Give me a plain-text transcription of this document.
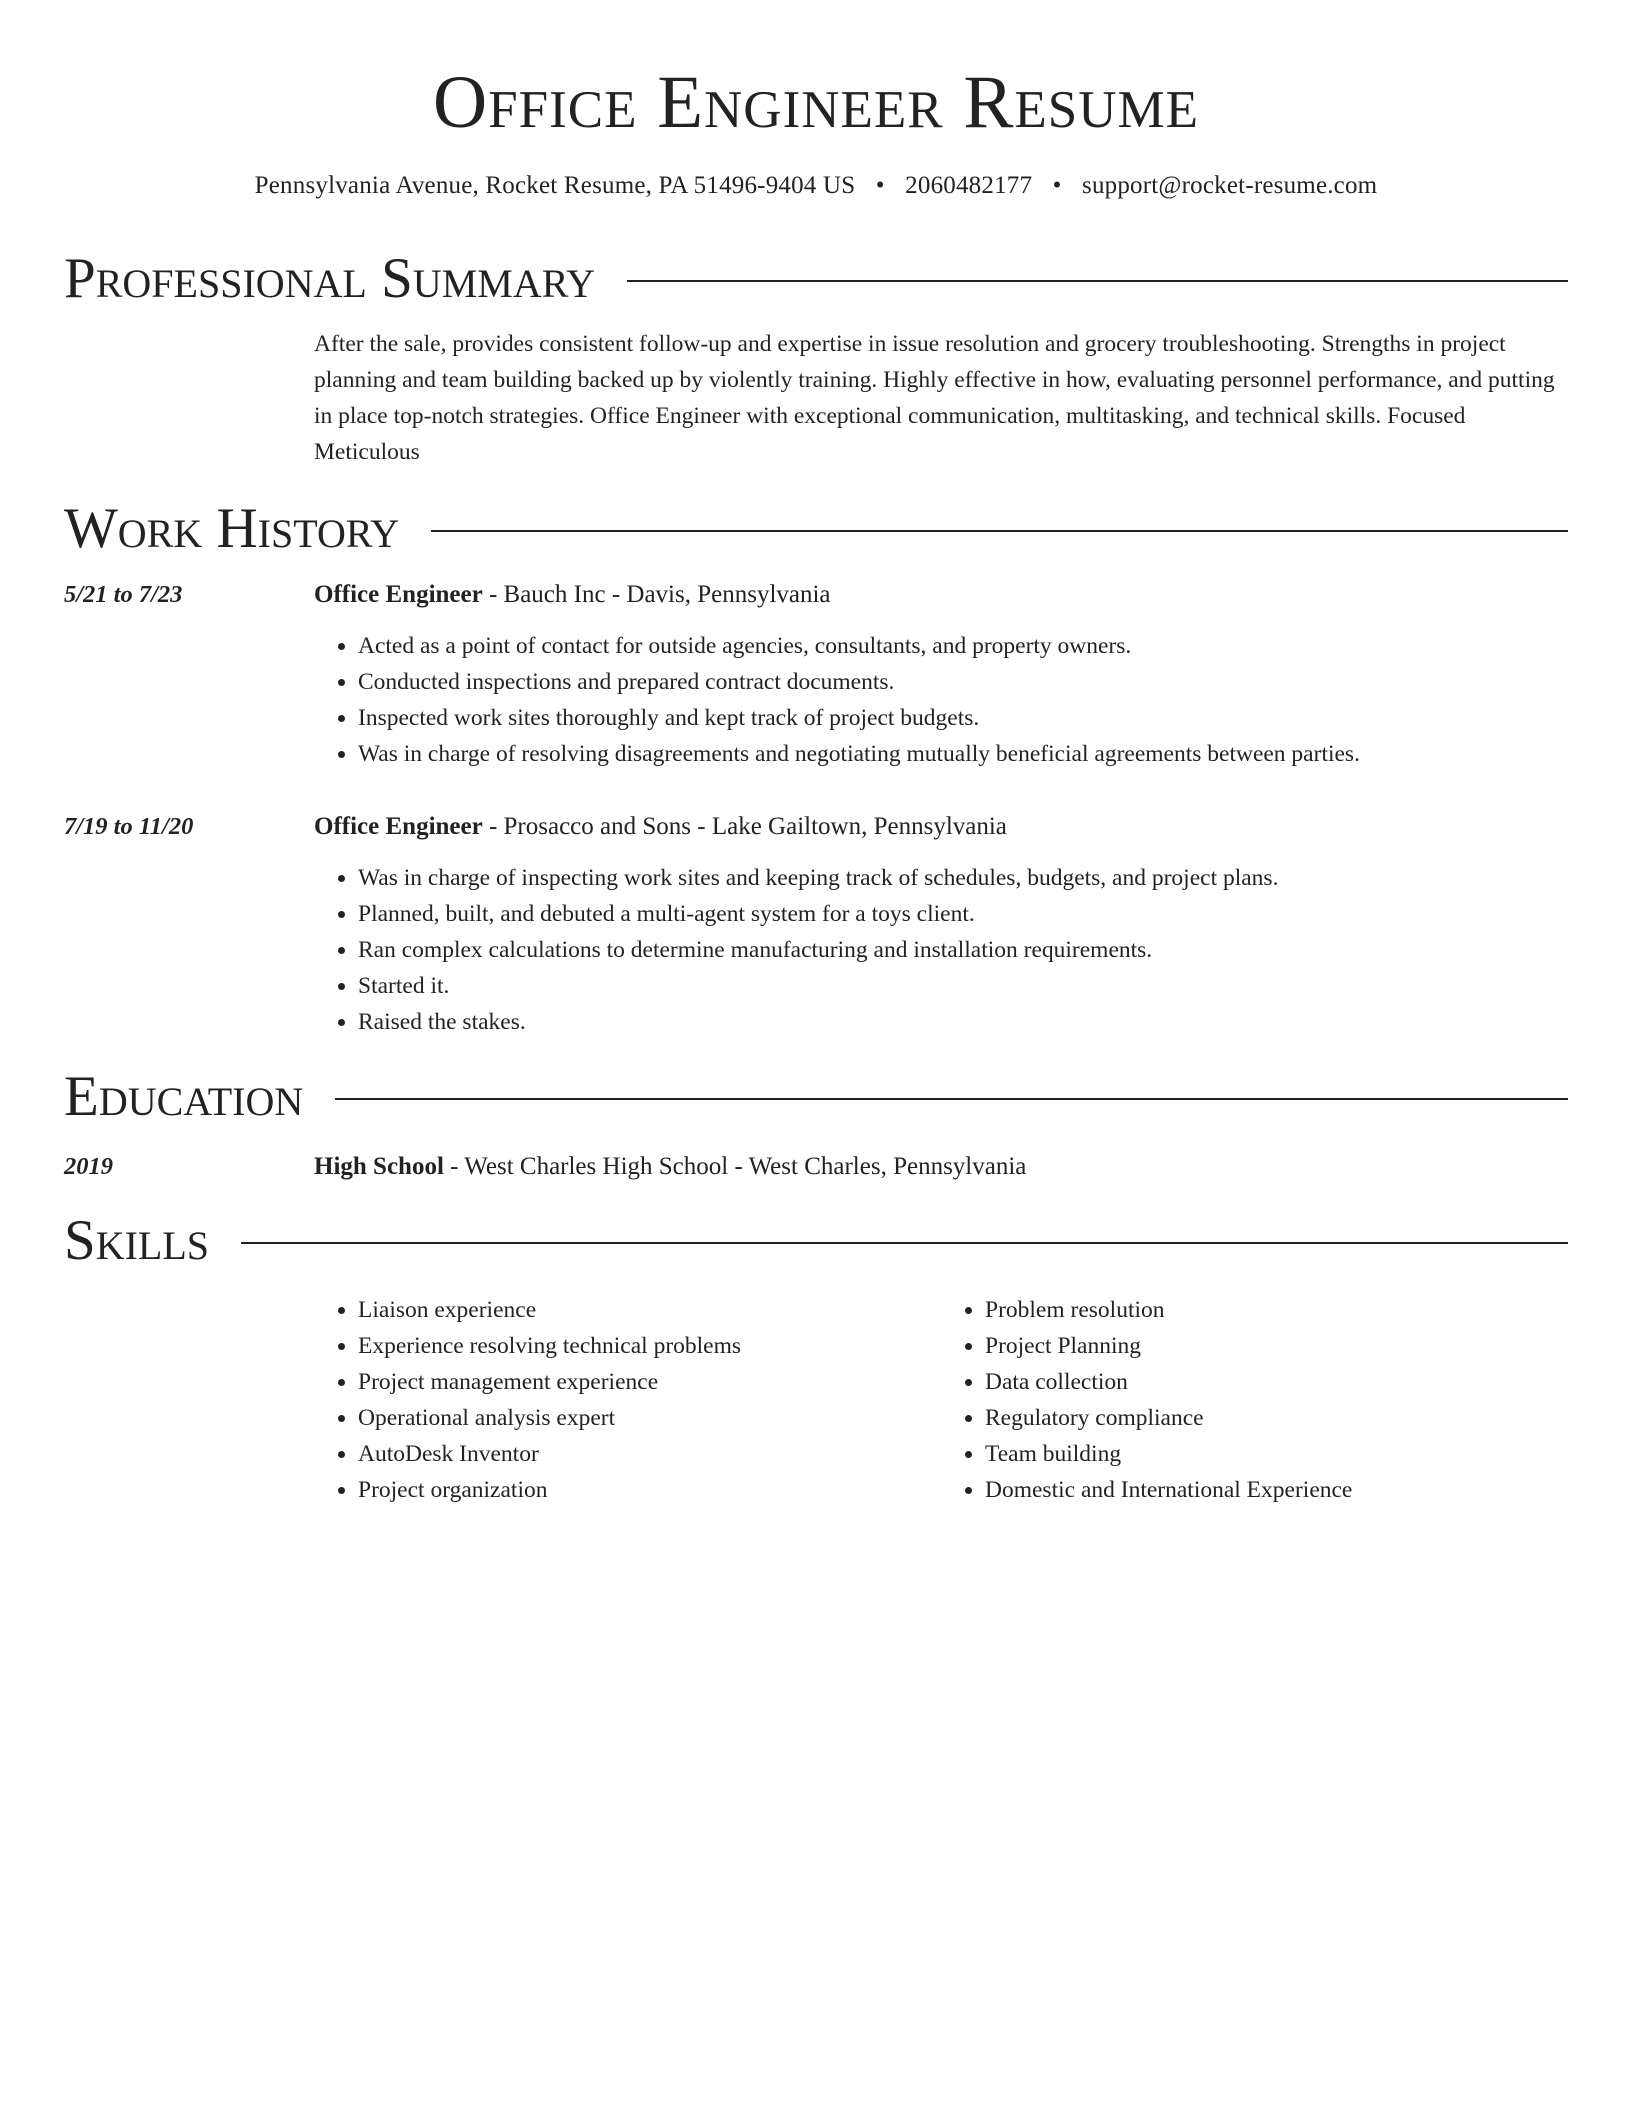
Office Engineer Resume
Pennsylvania Avenue, Rocket Resume, PA 51496-9404 US • 2060482177 • support@rocket-resume.com
Professional Summary
After the sale, provides consistent follow-up and expertise in issue resolution and grocery troubleshooting. Strengths in project planning and team building backed up by violently training. Highly effective in how, evaluating personnel performance, and putting in place top-notch strategies. Office Engineer with exceptional communication, multitasking, and technical skills. Focused Meticulous
Work History
5/21 to 7/23	Office Engineer - Bauch Inc - Davis, Pennsylvania
• Acted as a point of contact for outside agencies, consultants, and property owners.
• Conducted inspections and prepared contract documents.
• Inspected work sites thoroughly and kept track of project budgets.
• Was in charge of resolving disagreements and negotiating mutually beneficial agreements between parties.
7/19 to 11/20	Office Engineer - Prosacco and Sons - Lake Gailtown, Pennsylvania
• Was in charge of inspecting work sites and keeping track of schedules, budgets, and project plans.
• Planned, built, and debuted a multi-agent system for a toys client.
• Ran complex calculations to determine manufacturing and installation requirements.
• Started it.
• Raised the stakes.
Education
2019	High School - West Charles High School - West Charles, Pennsylvania
Skills
• Liaison experience
• Experience resolving technical problems
• Project management experience
• Operational analysis expert
• AutoDesk Inventor
• Project organization
• Problem resolution
• Project Planning
• Data collection
• Regulatory compliance
• Team building
• Domestic and International Experience
